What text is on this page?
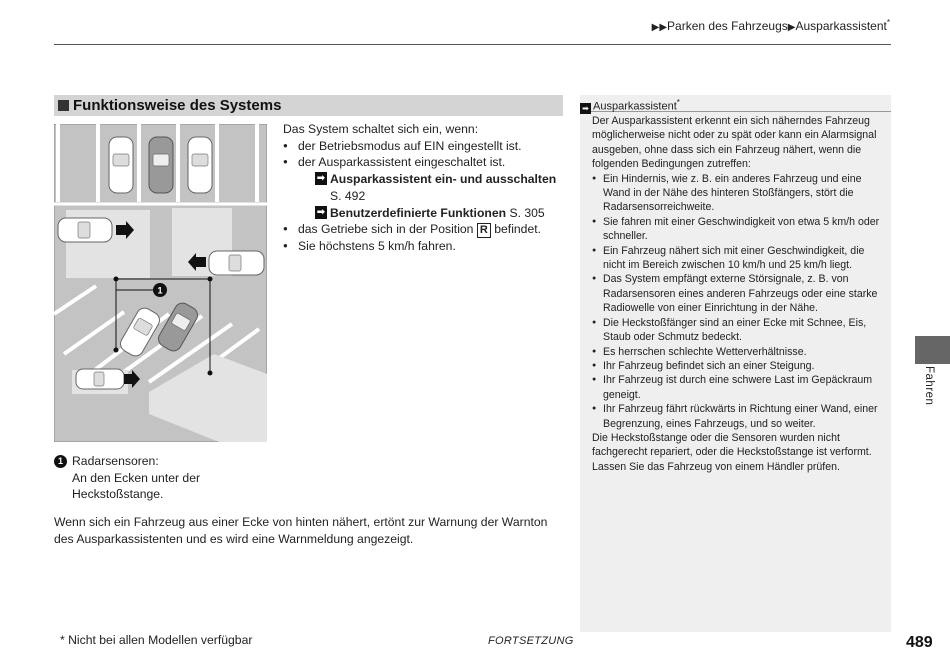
▶▶Parken des Fahrzeugs▶Ausparkassistent*
Funktionsweise des Systems
1
Das System schaltet sich ein, wenn:
● der Betriebsmodus auf EIN eingestellt ist.
● der Ausparkassistent eingeschaltet ist.
➡ Ausparkassistent ein- und ausschalten
S. 492
➡ Benutzerdefinierte Funktionen S. 305
● das Getriebe sich in der Position R befindet.
● Sie höchstens 5 km/h fahren.
1 Radarsensoren:
An den Ecken unter der
Heckstoßstange.
Wenn sich ein Fahrzeug aus einer Ecke von hinten nähert, ertönt zur Warnung der Warnton
des Ausparkassistenten und es wird eine Warnmeldung angezeigt.
➡ Ausparkassistent*
Der Ausparkassistent erkennt ein sich näherndes Fahrzeug möglicherweise nicht oder zu spät oder kann ein Alarmsignal ausgeben, ohne dass sich ein Fahrzeug nähert, wenn die folgenden Bedingungen zutreffen:
● Ein Hindernis, wie z. B. ein anderes Fahrzeug und eine Wand in der Nähe des hinteren Stoßfängers, stört die Radarsensorreichweite.
● Sie fahren mit einer Geschwindigkeit von etwa 5 km/h oder schneller.
● Ein Fahrzeug nähert sich mit einer Geschwindigkeit, die nicht im Bereich zwischen 10 km/h und 25 km/h liegt.
● Das System empfängt externe Störsignale, z. B. von Radarsensoren eines anderen Fahrzeugs oder eine starke Radiowelle von einer Einrichtung in der Nähe.
● Die Heckstoßfänger sind an einer Ecke mit Schnee, Eis, Staub oder Schmutz bedeckt.
● Es herrschen schlechte Wetterverhältnisse.
● Ihr Fahrzeug befindet sich an einer Steigung.
● Ihr Fahrzeug ist durch eine schwere Last im Gepäckraum geneigt.
● Ihr Fahrzeug fährt rückwärts in Richtung einer Wand, einer Begrenzung, eines Fahrzeugs, und so weiter.
Die Heckstoßstange oder die Sensoren wurden nicht fachgerecht repariert, oder die Heckstoßstange ist verformt. Lassen Sie das Fahrzeug von einem Händler prüfen.
Fahren
* Nicht bei allen Modellen verfügbar	FORTSETZUNG	489
